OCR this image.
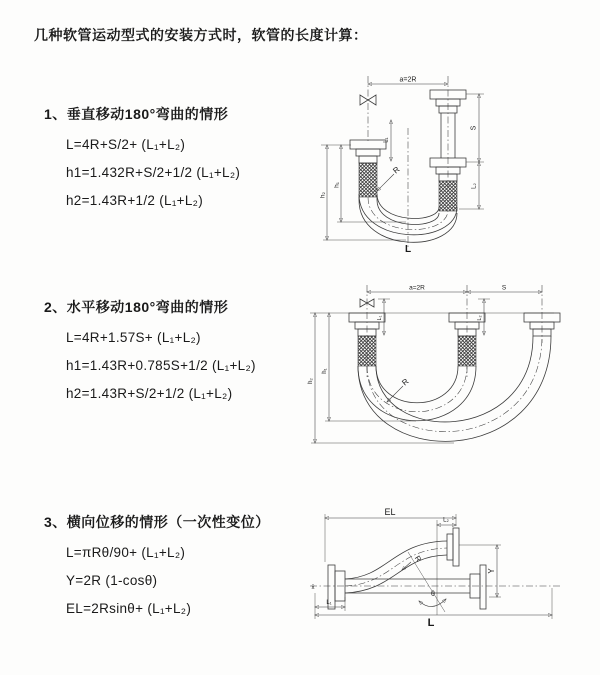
几种软管运动型式的安装方式时，软管的长度计算：
1、垂直移动180°弯曲的情形
L=4R+S/2+ (L₁+L₂)
h1=1.432R+S/2+1/2 (L₁+L₂)
h2=1.43R+1/2 (L₁+L₂)
a=2R
h₁
h₂
L₁
S
L₂
R
L
2、水平移动180°弯曲的情形
L=4R+1.57S+ (L₁+L₂)
h1=1.43R+0.785S+1/2 (L₁+L₂)
h2=1.43R+S/2+1/2 (L₁+L₂)
a=2R	S
h₁
h₂
L₁	L₂
R
3、横向位移的情形（一次性变位）
L=πRθ/90+ (L₁+L₂)
Y=2R (1-cosθ)
EL=2Rsinθ+ (L₁+L₂)
EL
L₂
Y
R
θ
L
L₁
x̄
